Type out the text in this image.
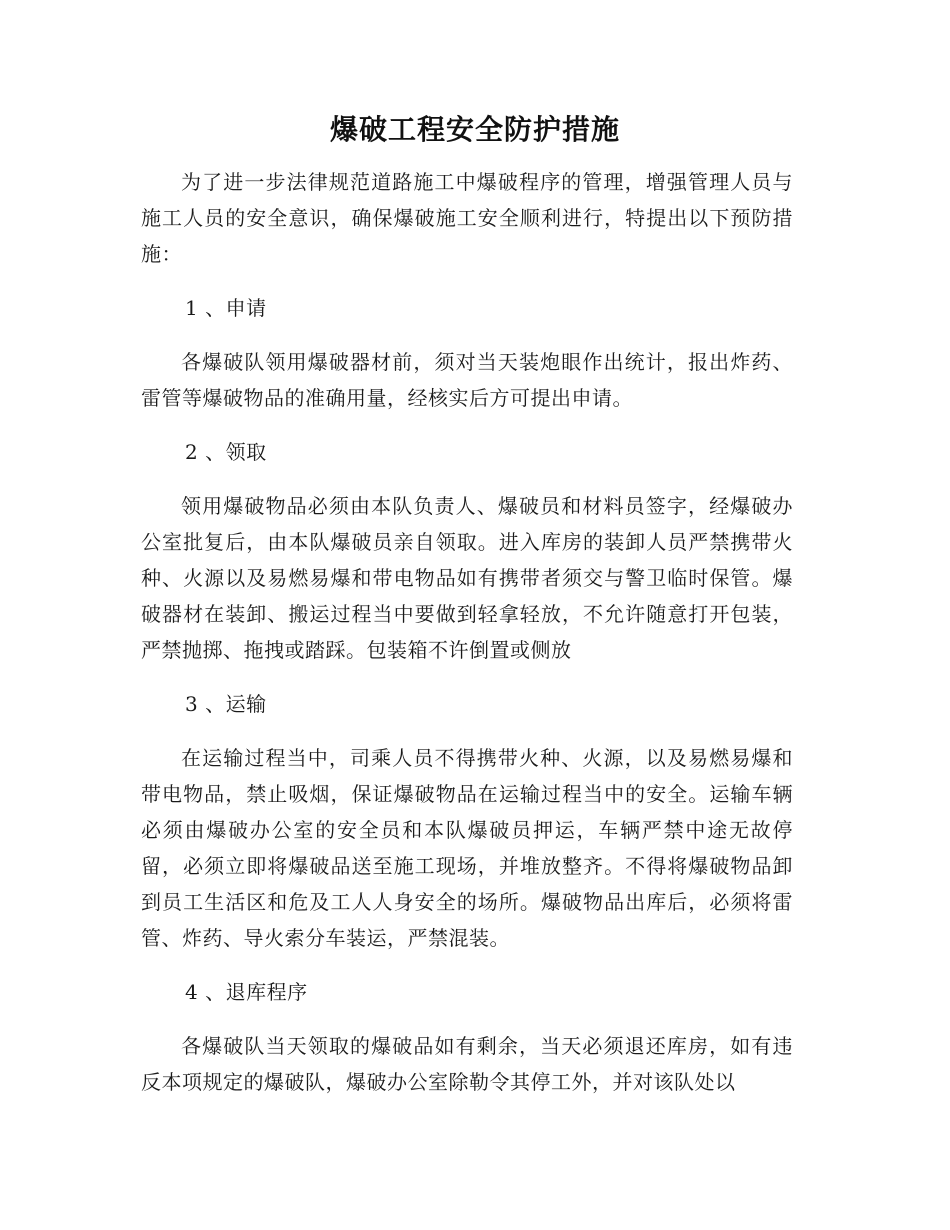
爆破工程安全防护措施

为了进一步法律规范道路施工中爆破程序的管理，增强管理人员与施工人员的安全意识，确保爆破施工安全顺利进行，特提出以下预防措施：

1 、申请

各爆破队领用爆破器材前，须对当天装炮眼作出统计，报出炸药、雷管等爆破物品的准确用量，经核实后方可提出申请。

2 、领取

领用爆破物品必须由本队负责人、爆破员和材料员签字，经爆破办公室批复后，由本队爆破员亲自领取。进入库房的装卸人员严禁携带火种、火源以及易燃易爆和带电物品如有携带者须交与警卫临时保管。爆破器材在装卸、搬运过程当中要做到轻拿轻放，不允许随意打开包装，严禁抛掷、拖拽或踏踩。包装箱不许倒置或侧放

3 、运输

在运输过程当中，司乘人员不得携带火种、火源，以及易燃易爆和带电物品，禁止吸烟，保证爆破物品在运输过程当中的安全。运输车辆必须由爆破办公室的安全员和本队爆破员押运，车辆严禁中途无故停留，必须立即将爆破品送至施工现场，并堆放整齐。不得将爆破物品卸到员工生活区和危及工人人身安全的场所。爆破物品出库后，必须将雷管、炸药、导火索分车装运，严禁混装。

4 、退库程序

各爆破队当天领取的爆破品如有剩余，当天必须退还库房，如有违反本项规定的爆破队，爆破办公室除勒令其停工外，并对该队处以
